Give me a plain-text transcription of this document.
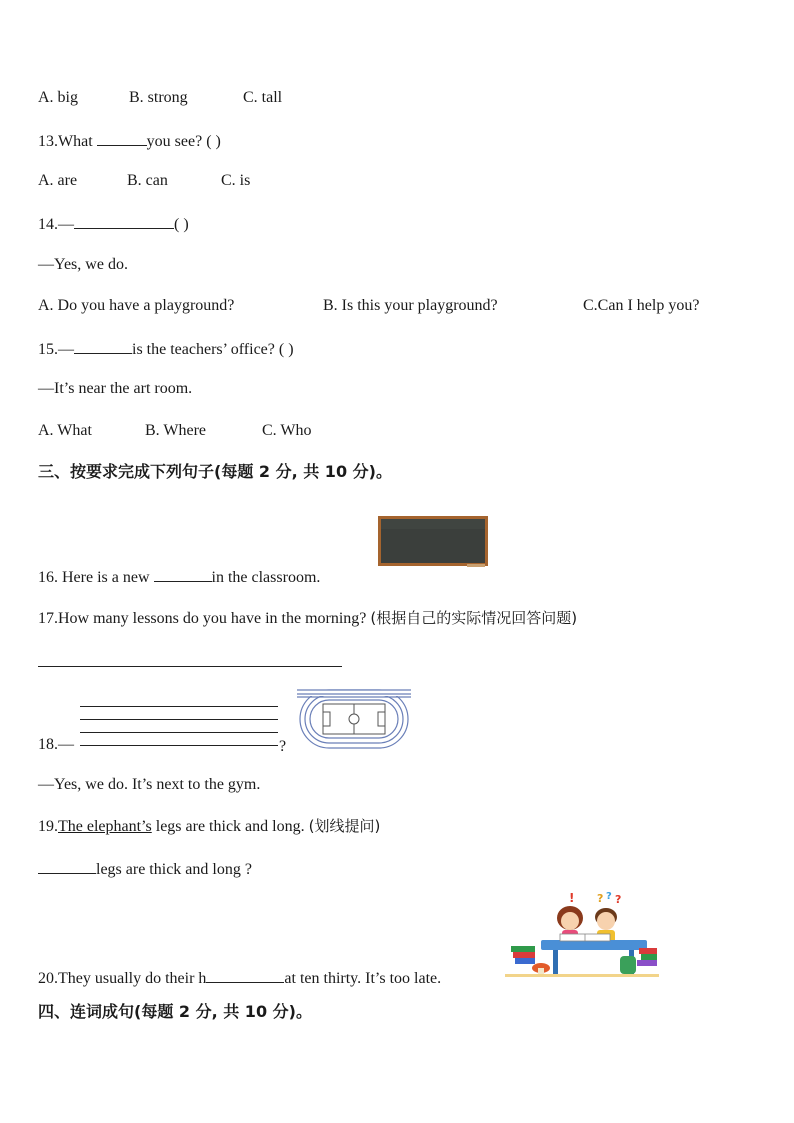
A. big	B. strong	C. tall
13.What	you see? ( )
A. are	B. can	C. is
14.—	( )
—Yes, we do.
A. Do you have a playground?	B. Is this your playground?	C.Can I help you?
15.—	is the teachers’ office? ( )
—It’s near the art room.
A. What	B. Where	C. Who
三、按要求完成下列句子(每题 2 分, 共 10 分)。
16. Here is a new	in the classroom.
17.How many lessons do you have in the morning? (根据自己的实际情况回答问题)
18.—	?
—Yes, we do. It’s next to the gym.
19.The elephant’s legs are thick and long. (划线提问)
legs are thick and long ?
! ? ? ?
20.They usually do their h	at ten thirty. It’s too late.
四、连词成句(每题 2 分, 共 10 分)。
